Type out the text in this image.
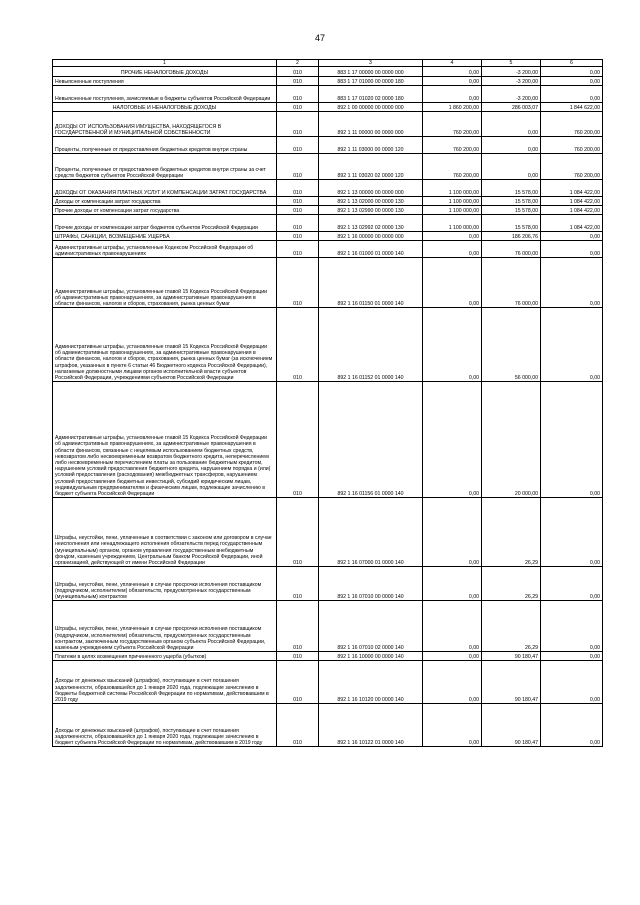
47
1	2	3	4	5	6
ПРОЧИЕ НЕНАЛОГОВЫЕ ДОХОДЫ	010	883 1 17 00000 00 0000 000	0,00	-3 200,00	0,00
Невыясненные поступления	010	883 1 17 01000 00 0000 180	0,00	-3 200,00	0,00
Невыясненные поступления, зачисляемые в бюджеты субъектов Российской Федерации	010	883 1 17 01020 02 0000 180	0,00	-3 200,00	0,00
НАЛОГОВЫЕ И НЕНАЛОГОВЫЕ ДОХОДЫ	010	892 1 00 00000 00 0000 000	1 860 200,00	286 003,07	1 844 622,00
ДОХОДЫ ОТ ИСПОЛЬЗОВАНИЯ ИМУЩЕСТВА, НАХОДЯЩЕГОСЯ В ГОСУДАРСТВЕННОЙ И МУНИЦИПАЛЬНОЙ СОБСТВЕННОСТИ	010	892 1 11 00000 00 0000 000	760 200,00	0,00	760 200,00
Проценты, полученные от предоставления бюджетных кредитов внутри страны	010	892 1 11 03000 00 0000 120	760 200,00	0,00	760 200,00
Проценты, полученные от предоставления бюджетных кредитов внутри страны за счет средств бюджетов субъектов Российской Федерации	010	892 1 11 03020 02 0000 120	760 200,00	0,00	760 200,00
ДОХОДЫ ОТ ОКАЗАНИЯ ПЛАТНЫХ УСЛУГ И КОМПЕНСАЦИИ ЗАТРАТ ГОСУДАРСТВА	010	892 1 13 00000 00 0000 000	1 100 000,00	15 578,00	1 084 422,00
Доходы от компенсации затрат государства	010	892 1 13 02000 00 0000 130	1 100 000,00	15 578,00	1 084 422,00
Прочие доходы от компенсации затрат государства	010	892 1 13 02990 00 0000 130	1 100 000,00	15 578,00	1 084 422,00
Прочие доходы от компенсации затрат бюджетов субъектов Российской Федерации	010	892 1 13 02992 02 0000 130	1 100 000,00	15 578,00	1 084 422,00
ШТРАФЫ, САНКЦИИ, ВОЗМЕЩЕНИЕ УЩЕРБА	010	892 1 16 00000 00 0000 000	0,00	186 206,76	0,00
Административные штрафы, установленные Кодексом Российской Федерации об административных правонарушениях	010	892 1 16 01000 01 0000 140	0,00	76 000,00	0,00
Административные штрафы, установленные главой 15 Кодекса Российской Федерации об административных правонарушениях, за административные правонарушения в области финансов, налогов и сборов, страхования, рынка ценных бумаг	010	892 1 16 01150 01 0000 140	0,00	76 000,00	0,00
Административные штрафы, установленные главой 15 Кодекса Российской Федерации об административных правонарушениях, за административные правонарушения в области финансов, налогов и сборов, страхования, рынка ценных бумаг (за исключением штрафов, указанных в пункте 6 статьи 46 Бюджетного кодекса Российской Федерации), налагаемые должностными лицами органов исполнительной власти субъектов Российской Федерации, учреждениями субъектов Российской Федерации	010	892 1 16 01152 01 0000 140	0,00	56 000,00	0,00
Административные штрафы, установленные главой 15 Кодекса Российской Федерации об административных правонарушениях, за административные правонарушения в области финансов, связанные с нецелевым использованием бюджетных средств, невозвратом либо несвоевременным возвратом бюджетного кредита, неперечислением либо несвоевременным перечислением платы за пользование бюджетным кредитом, нарушением условий предоставления бюджетного кредита, нарушением порядка и (или) условий предоставления (расходования) межбюджетных трансферов, нарушением условий предоставления бюджетных инвестиций, субсидий юридическим лицам, индивидуальным предпринимателям и физическим лицам, подлежащие зачислению в бюджет субъекта Российской Федерации	010	892 1 16 01156 01 0000 140	0,00	20 000,00	0,00
Штрафы, неустойки, пени, уплаченные в соответствии с законом или договором в случае неисполнения или ненадлежащего исполнения обязательств перед государственным (муниципальным) органом, органом управления государственным внебюджетным фондом, казенным учреждением, Центральным банком Российской Федерации, иной организацией, действующей от имени Российской Федерации	010	892 1 16 07000 01 0000 140	0,00	26,29	0,00
Штрафы, неустойки, пени, уплаченные в случае просрочки исполнения поставщиком (подрядчиком, исполнителем) обязательств, предусмотренных государственным (муниципальным) контрактом	010	892 1 16 07010 00 0000 140	0,00	26,29	0,00
Штрафы, неустойки, пени, уплаченные в случае просрочки исполнения поставщиком (подрядчиком, исполнителем) обязательств, предусмотренных государственным контрактом, заключенным государственным органом субъекта Российской Федерации, казенным учреждением субъекта Российской Федерации	010	892 1 16 07010 02 0000 140	0,00	26,29	0,00
Платежи в целях возмещения причиненного ущерба (убытков)	010	892 1 16 10000 00 0000 140	0,00	90 180,47	0,00
Доходы от денежных взысканий (штрафов), поступающие в счет погашения задолженности, образовавшейся до 1 января 2020 года, подлежащие зачислению в бюджеты бюджетной системы Российской Федерации по нормативам, действовавшим в 2019 году	010	892 1 16 10120 00 0000 140	0,00	90 180,47	0,00
Доходы от денежных взысканий (штрафов), поступающие в счет погашения задолженности, образовавшейся до 1 января 2020 года, подлежащие зачислению в бюджет субъекта Российской Федерации по нормативам, действовавшим в 2019 году	010	892 1 16 10122 01 0000 140	0,00	90 180,47	0,00
